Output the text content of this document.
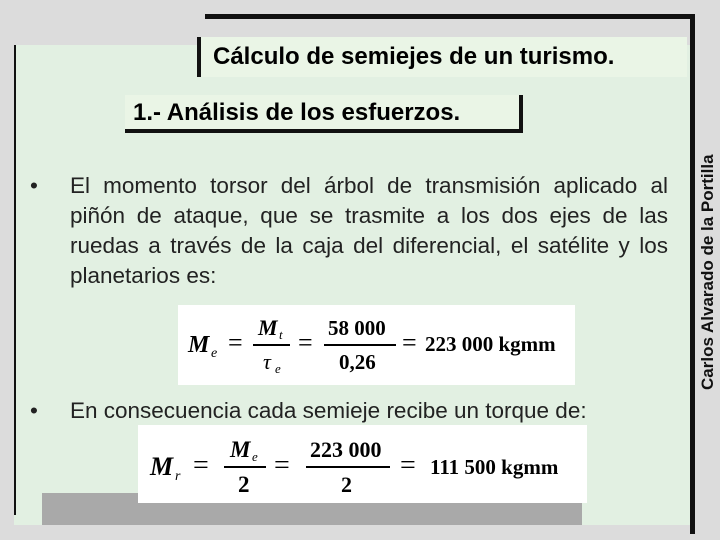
Cálculo de semiejes de un turismo.
1.- Análisis de los esfuerzos.
Carlos Alvarado de la Portilla
• El momento torsor del árbol de transmisión aplicado al piñón de ataque, que se trasmite a los dos ejes de las ruedas a través de la caja del diferencial, el satélite y los planetarios es:
M e =
M t
τ e
= 58 000
0,26
= 223 000 kgmm
• En consecuencia cada semieje recibe un torque de:
M r =
M e
2
=
223 000
2
= 111 500 kgmm
